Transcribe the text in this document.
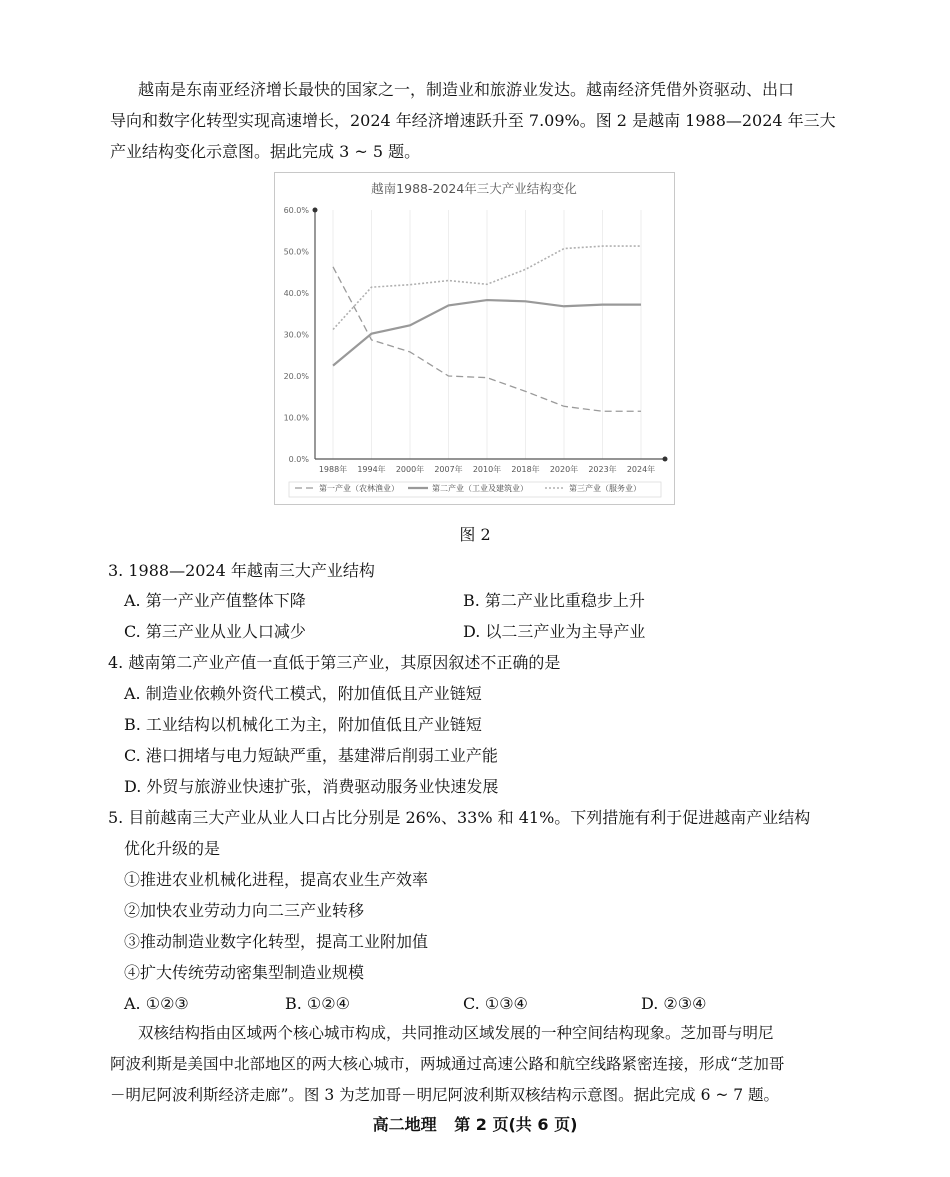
越南是东南亚经济增长最快的国家之一，制造业和旅游业发达。越南经济凭借外资驱动、出口
导向和数字化转型实现高速增长，2024 年经济增速跃升至 7.09%。图 2 是越南 1988—2024 年三大
产业结构变化示意图。据此完成 3 ~ 5 题。
越南1988-2024年三大产业结构变化
0.0%
10.0%
20.0%
30.0%
40.0%
50.0%
60.0%
1988年 1994年 2000年 2007年 2010年 2018年 2020年 2023年 2024年
第一产业（农林渔业）	第二产业（工业及建筑业）	第三产业（服务业）
图 2
3. 1988—2024 年越南三大产业结构
A. 第一产业产值整体下降	B. 第二产业比重稳步上升
C. 第三产业从业人口减少	D. 以二三产业为主导产业
4. 越南第二产业产值一直低于第三产业，其原因叙述不正确的是
A. 制造业依赖外资代工模式，附加值低且产业链短
B. 工业结构以机械化工为主，附加值低且产业链短
C. 港口拥堵与电力短缺严重，基建滞后削弱工业产能
D. 外贸与旅游业快速扩张，消费驱动服务业快速发展
5. 目前越南三大产业从业人口占比分别是 26%、33% 和 41%。下列措施有利于促进越南产业结构
优化升级的是
①推进农业机械化进程，提高农业生产效率
②加快农业劳动力向二三产业转移
③推动制造业数字化转型，提高工业附加值
④扩大传统劳动密集型制造业规模
A. ①②③	B. ①②④	C. ①③④	D. ②③④
双核结构指由区域两个核心城市构成，共同推动区域发展的一种空间结构现象。芝加哥与明尼
阿波利斯是美国中北部地区的两大核心城市，两城通过高速公路和航空线路紧密连接，形成“芝加哥
－明尼阿波利斯经济走廊”。图 3 为芝加哥－明尼阿波利斯双核结构示意图。据此完成 6 ~ 7 题。
高二地理 第 2 页(共 6 页)
